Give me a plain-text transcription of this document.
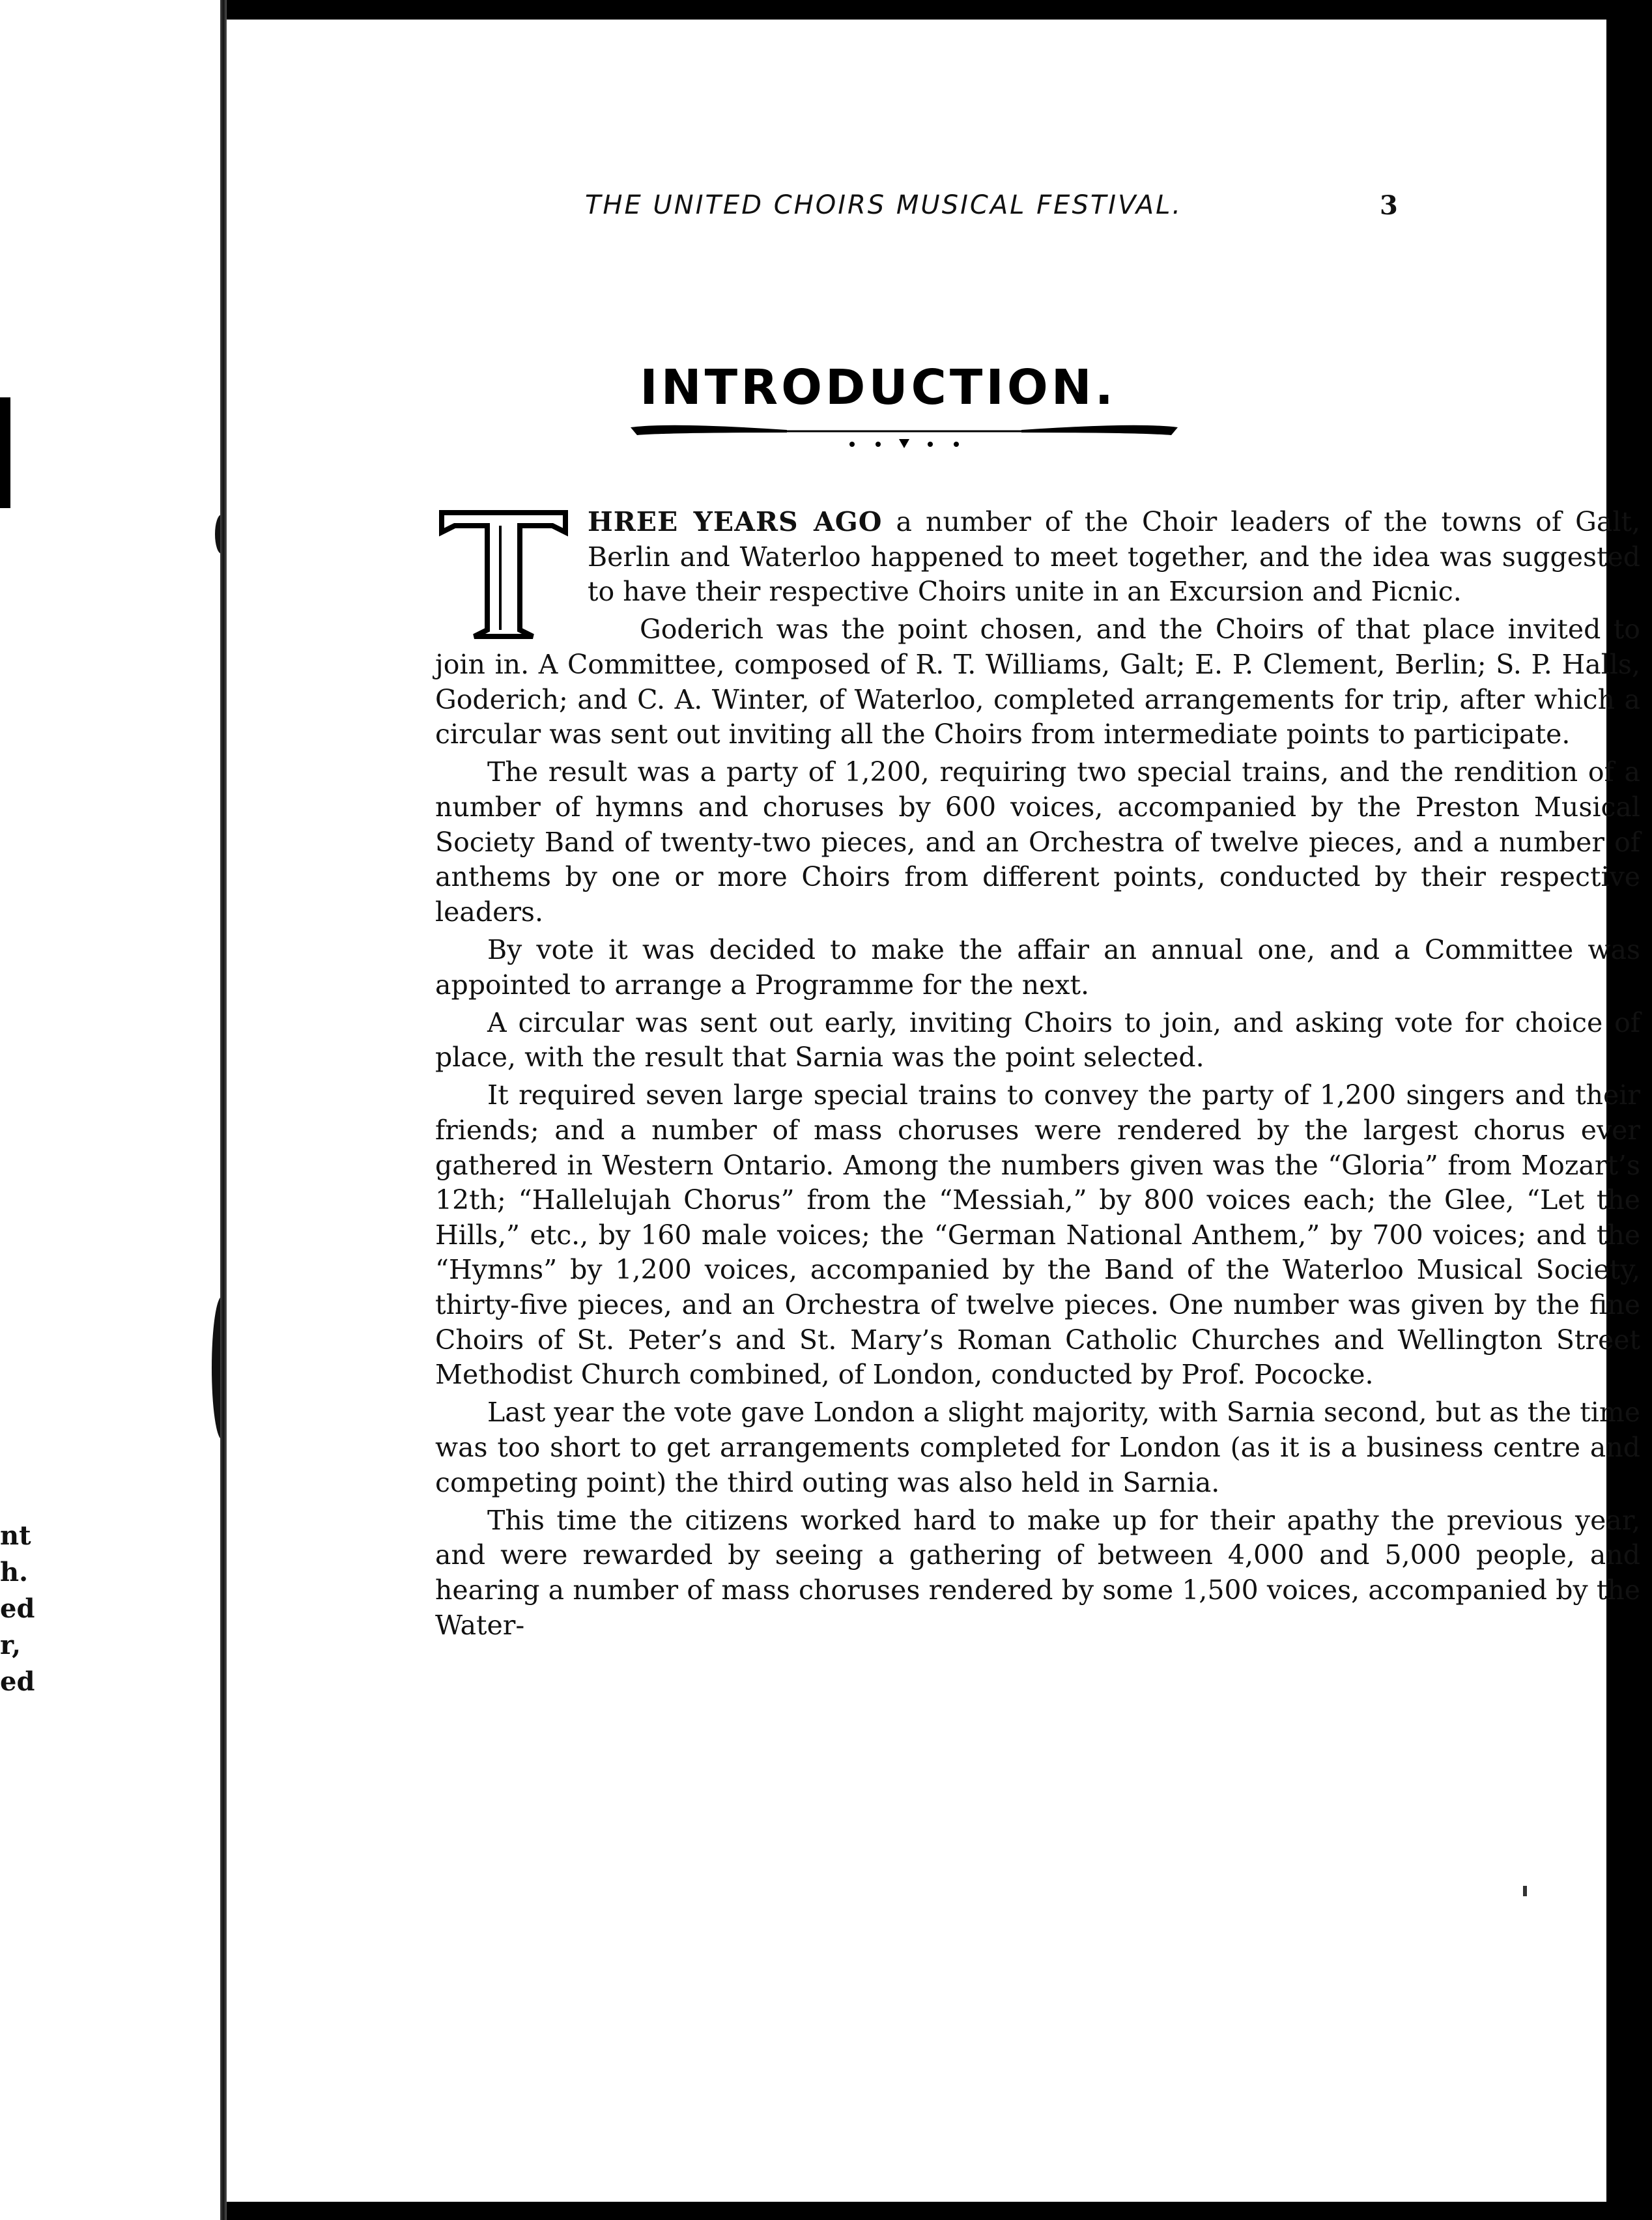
nt
h.
ed
r,
ed
THE UNITED CHOIRS MUSICAL FESTIVAL.	3
INTRODUCTION.

HREE YEARS AGO a number of the Choir leaders of the towns of Galt, Berlin and Waterloo happened to meet together, and the idea was suggested to have their respective Choirs unite in an Excursion and Picnic.

Goderich was the point chosen, and the Choirs of that place invited to join in. A Committee, composed of R. T. Williams, Galt; E. P. Clement, Berlin; S. P. Halls, Goderich; and C. A. Winter, of Waterloo, completed arrangements for trip, after which a circular was sent out inviting all the Choirs from intermediate points to participate.

The result was a party of 1,200, requiring two special trains, and the rendition of a number of hymns and choruses by 600 voices, accompanied by the Preston Musical Society Band of twenty-two pieces, and an Orchestra of twelve pieces, and a number of anthems by one or more Choirs from different points, conducted by their respective leaders.

By vote it was decided to make the affair an annual one, and a Committee was appointed to arrange a Programme for the next.

A circular was sent out early, inviting Choirs to join, and asking vote for choice of place, with the result that Sarnia was the point selected.

It required seven large special trains to convey the party of 1,200 singers and their friends; and a number of mass choruses were rendered by the largest chorus ever gathered in Western Ontario. Among the numbers given was the “Gloria” from Mozart’s 12th; “Hallelujah Chorus” from the “Messiah,” by 800 voices each; the Glee, “Let the Hills,” etc., by 160 male voices; the “German National Anthem,” by 700 voices; and the “Hymns” by 1,200 voices, accompanied by the Band of the Waterloo Musical Society, thirty-five pieces, and an Orchestra of twelve pieces. One number was given by the fine Choirs of St. Peter’s and St. Mary’s Roman Catholic Churches and Wellington Street Methodist Church combined, of London, conducted by Prof. Pococke.

Last year the vote gave London a slight majority, with Sarnia second, but as the time was too short to get arrangements completed for London (as it is a business centre and competing point) the third outing was also held in Sarnia.

This time the citizens worked hard to make up for their apathy the previous year, and were rewarded by seeing a gathering of between 4,000 and 5,000 people, and hearing a number of mass choruses rendered by some 1,500 voices, accompanied by the Water-
